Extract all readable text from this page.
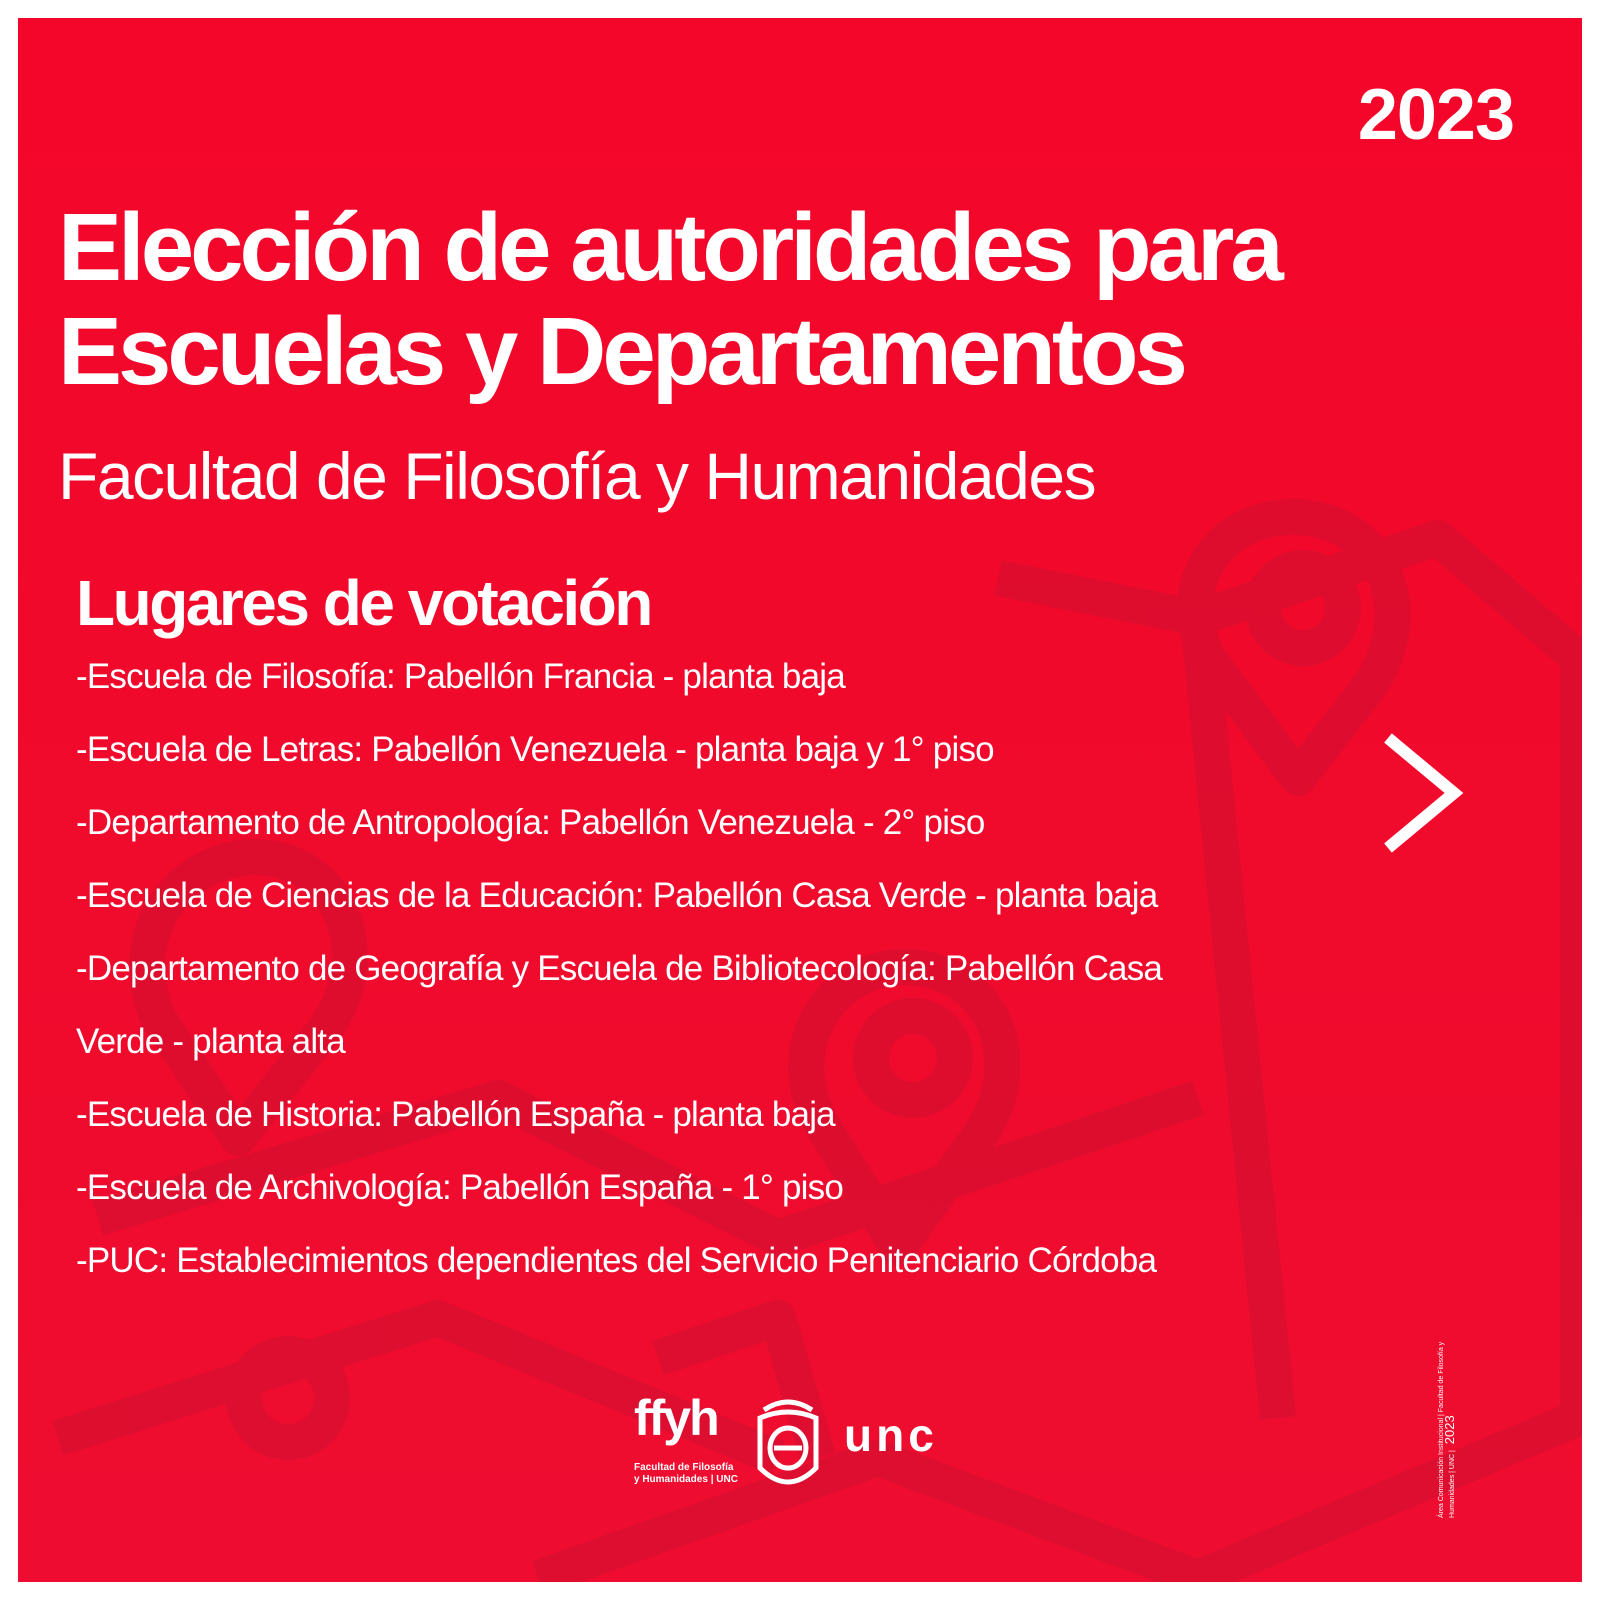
2023
Elección de autoridades para
Escuelas y Departamentos
Facultad de Filosofía y Humanidades
Lugares de votación
-Escuela de Filosofía: Pabellón Francia - planta baja
-Escuela de Letras: Pabellón Venezuela - planta baja y 1° piso
-Departamento de Antropología: Pabellón Venezuela - 2° piso
-Escuela de Ciencias de la Educación: Pabellón Casa Verde - planta baja
-Departamento de Geografía y Escuela de Bibliotecología: Pabellón Casa
Verde - planta alta
-Escuela de Historia: Pabellón España - planta baja
-Escuela de Archivología: Pabellón España - 1° piso
-PUC: Establecimientos dependientes del Servicio Penitenciario Córdoba
ffyh
Facultad de Filosofía
y Humanidades | UNC
unc
Área Comunicación Institucional | Facultad de Filosofía y Humanidades | UNC | 2023
